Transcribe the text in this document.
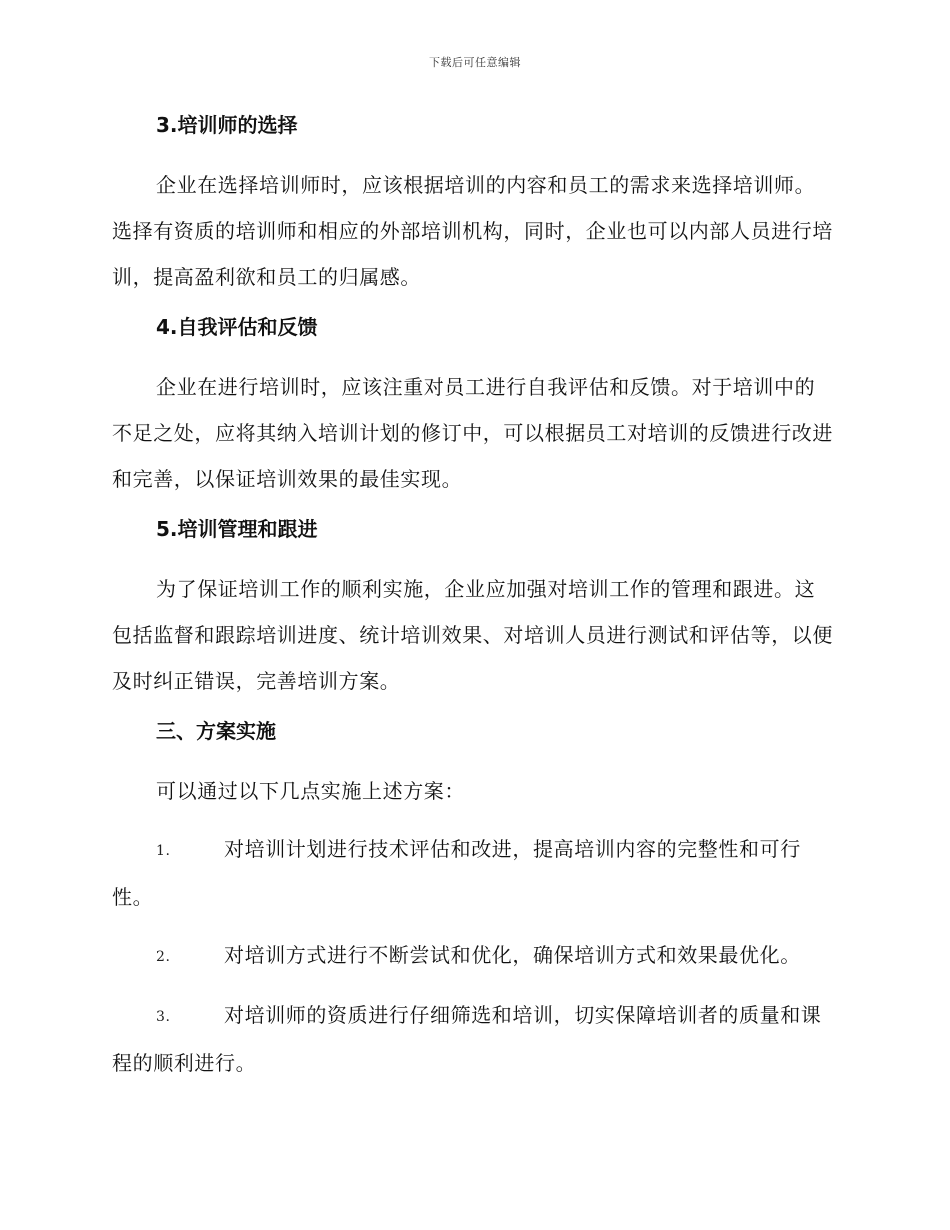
下载后可任意编辑
3.培训师的选择

企业在选择培训师时，应该根据培训的内容和员工的需求来选择培训师。选择有资质的培训师和相应的外部培训机构，同时，企业也可以内部人员进行培训，提高盈利欲和员工的归属感。

4.自我评估和反馈

企业在进行培训时，应该注重对员工进行自我评估和反馈。对于培训中的不足之处，应将其纳入培训计划的修订中，可以根据员工对培训的反馈进行改进和完善，以保证培训效果的最佳实现。

5.培训管理和跟进

为了保证培训工作的顺利实施，企业应加强对培训工作的管理和跟进。这包括监督和跟踪培训进度、统计培训效果、对培训人员进行测试和评估等，以便及时纠正错误，完善培训方案。

三、方案实施

可以通过以下几点实施上述方案：

1.	对培训计划进行技术评估和改进，提高培训内容的完整性和可行性。

2.	对培训方式进行不断尝试和优化，确保培训方式和效果最优化。

3.	对培训师的资质进行仔细筛选和培训，切实保障培训者的质量和课程的顺利进行。
